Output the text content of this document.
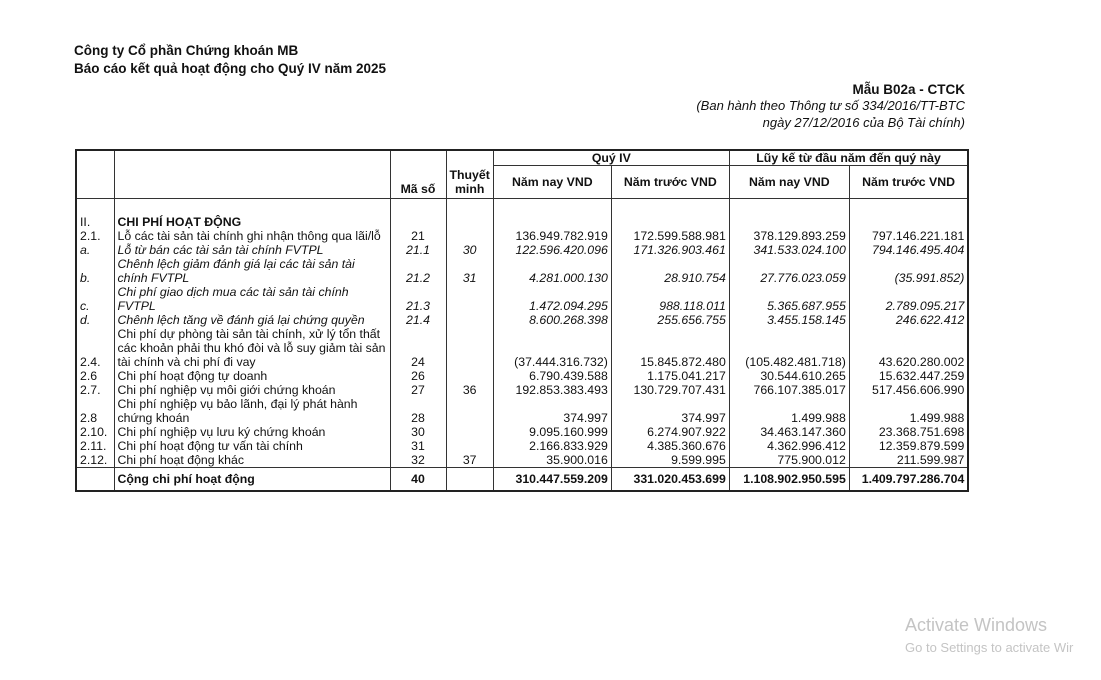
Công ty Cổ phần Chứng khoán MB
Báo cáo kết quả hoạt động cho Quý IV năm 2025
Mẫu B02a - CTCK
(Ban hành theo Thông tư số 334/2016/TT-BTC
ngày 27/12/2016 của Bộ Tài chính)
		Mã số	Thuyết minh	Quý IV		Lũy kế từ đầu năm đến quý này	
				Năm nay VND	Năm trước VND	Năm nay VND	Năm trước VND
II.	CHI PHÍ HOẠT ĐỘNG						
2.1.	Lỗ các tài sản tài chính ghi nhận thông qua lãi/lỗ	21		136.949.782.919	172.599.588.981	378.129.893.259	797.146.221.181
a.	Lỗ từ bán các tài sản tài chính FVTPL	21.1	30	122.596.420.096	171.326.903.461	341.533.024.100	794.146.495.404
b.	Chênh lệch giảm đánh giá lại các tài sản tài chính FVTPL	21.2	31	4.281.000.130	28.910.754	27.776.023.059	(35.991.852)
c.	Chi phí giao dịch mua các tài sản tài chính FVTPL	21.3		1.472.094.295	988.118.011	5.365.687.955	2.789.095.217
d.	Chênh lệch tăng về đánh giá lại chứng quyền	21.4		8.600.268.398	255.656.755	3.455.158.145	246.622.412
2.4.	Chi phí dự phòng tài sản tài chính, xử lý tổn thất các khoản phải thu khó đòi và lỗ suy giảm tài sản tài chính và chi phí đi vay	24		(37.444.316.732)	15.845.872.480	(105.482.481.718)	43.620.280.002
2.6	Chi phí hoạt động tự doanh	26		6.790.439.588	1.175.041.217	30.544.610.265	15.632.447.259
2.7.	Chi phí nghiệp vụ môi giới chứng khoán	27	36	192.853.383.493	130.729.707.431	766.107.385.017	517.456.606.990
2.8	Chi phí nghiệp vụ bảo lãnh, đại lý phát hành chứng khoán	28		374.997	374.997	1.499.988	1.499.988
2.10.	Chi phí nghiệp vụ lưu ký chứng khoán	30		9.095.160.999	6.274.907.922	34.463.147.360	23.368.751.698
2.11.	Chi phí hoạt động tư vấn tài chính	31		2.166.833.929	4.385.360.676	4.362.996.412	12.359.879.599
2.12.	Chi phí hoạt động khác	32	37	35.900.016	9.599.995	775.900.012	211.599.987
	Cộng chi phí hoạt động	40		310.447.559.209	331.020.453.699	1.108.902.950.595	1.409.797.286.704
Activate Windows
Go to Settings to activate Wir
